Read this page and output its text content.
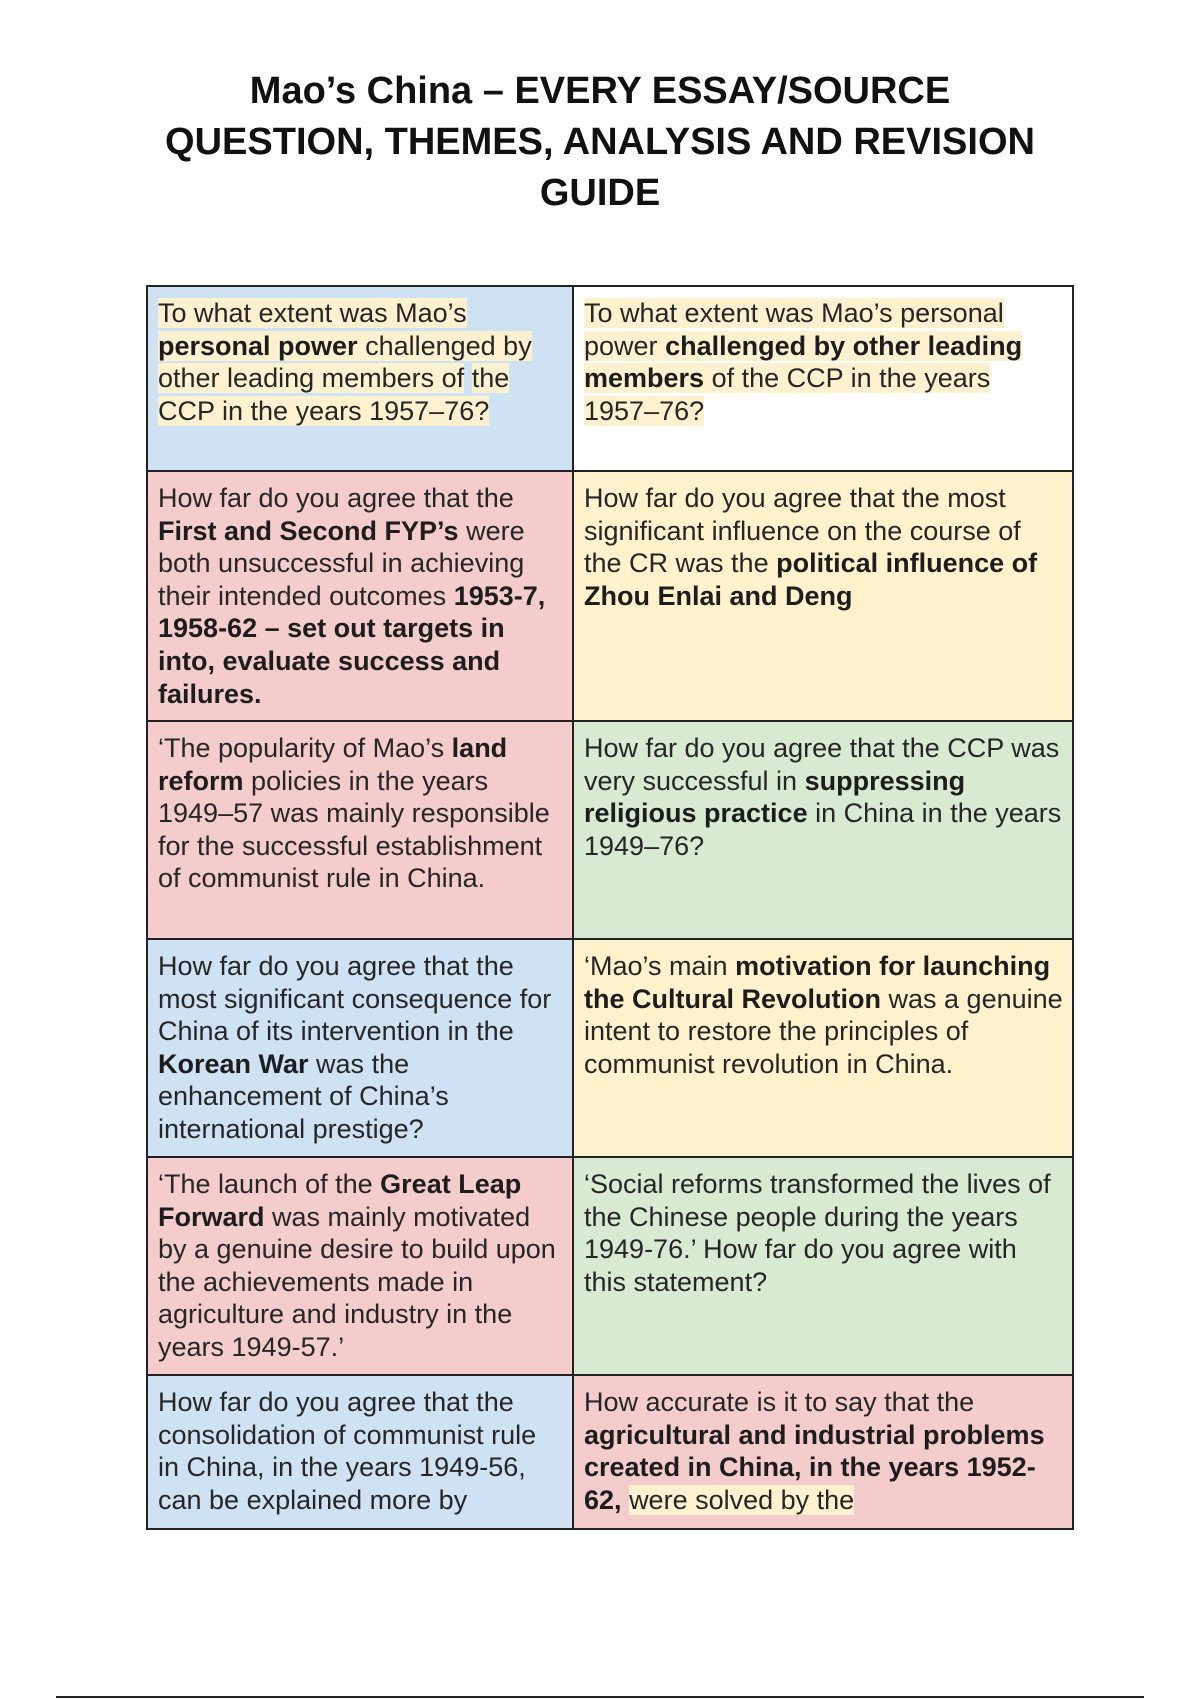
Mao’s China – EVERY ESSAY/SOURCE
QUESTION, THEMES, ANALYSIS AND REVISION
GUIDE
To what extent was Mao’s personal power challenged by other leading members of the CCP in the years 1957–76?	To what extent was Mao’s personal power challenged by other leading members of the CCP in the years 1957–76?
How far do you agree that the First and Second FYP’s were both unsuccessful in achieving their intended outcomes 1953-7, 1958-62 – set out targets in into, evaluate success and failures.	How far do you agree that the most significant influence on the course of the CR was the political influence of Zhou Enlai and Deng
‘The popularity of Mao’s land reform policies in the years 1949–57 was mainly responsible for the successful establishment of communist rule in China.	How far do you agree that the CCP was very successful in suppressing religious practice in China in the years 1949–76?
How far do you agree that the most significant consequence for China of its intervention in the Korean War was the enhancement of China’s international prestige?	‘Mao’s main motivation for launching the Cultural Revolution was a genuine intent to restore the principles of communist revolution in China.
‘The launch of the Great Leap Forward was mainly motivated by a genuine desire to build upon the achievements made in agriculture and industry in the years 1949-57.’	‘Social reforms transformed the lives of the Chinese people during the years 1949-76.’ How far do you agree with this statement?
How far do you agree that the consolidation of communist rule in China, in the years 1949-56, can be explained more by	How accurate is it to say that the agricultural and industrial problems created in China, in the years 1952-62, were solved by the
